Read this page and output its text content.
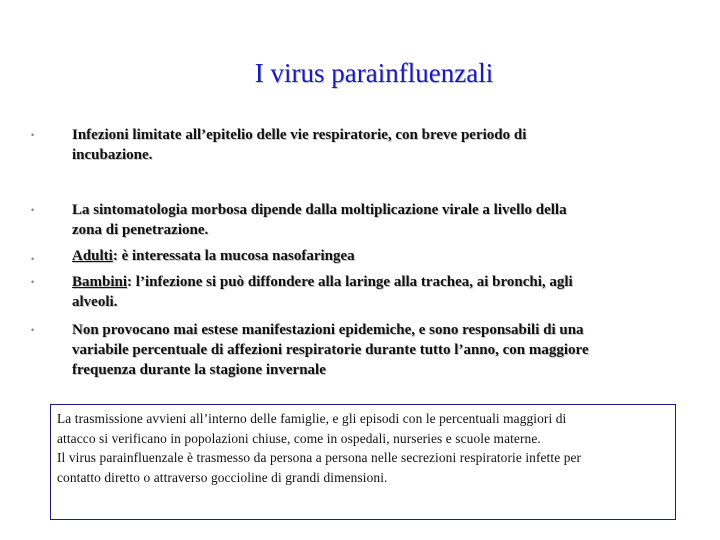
I virus parainfluenzali
•	Infezioni limitate all’epitelio delle vie respiratorie, con breve periodo di
incubazione.
•	La sintomatologia morbosa dipende dalla moltiplicazione virale a livello della
zona di penetrazione.
•	Adulti: è interessata la mucosa nasofaringea
•	Bambini: l’infezione si può diffondere alla laringe alla trachea, ai bronchi, agli
alveoli.
•	Non provocano mai estese manifestazioni epidemiche, e sono responsabili di una
variabile percentuale di affezioni respiratorie durante tutto l’anno, con maggiore
frequenza durante la stagione invernale
La trasmissione avvieni all’interno delle famiglie, e gli episodi con le percentuali maggiori di
attacco si verificano in popolazioni chiuse, come in ospedali, nurseries e scuole materne.
Il virus parainfluenzale è trasmesso da persona a persona nelle secrezioni respiratorie infette per
contatto diretto o attraverso goccioline di grandi dimensioni.
